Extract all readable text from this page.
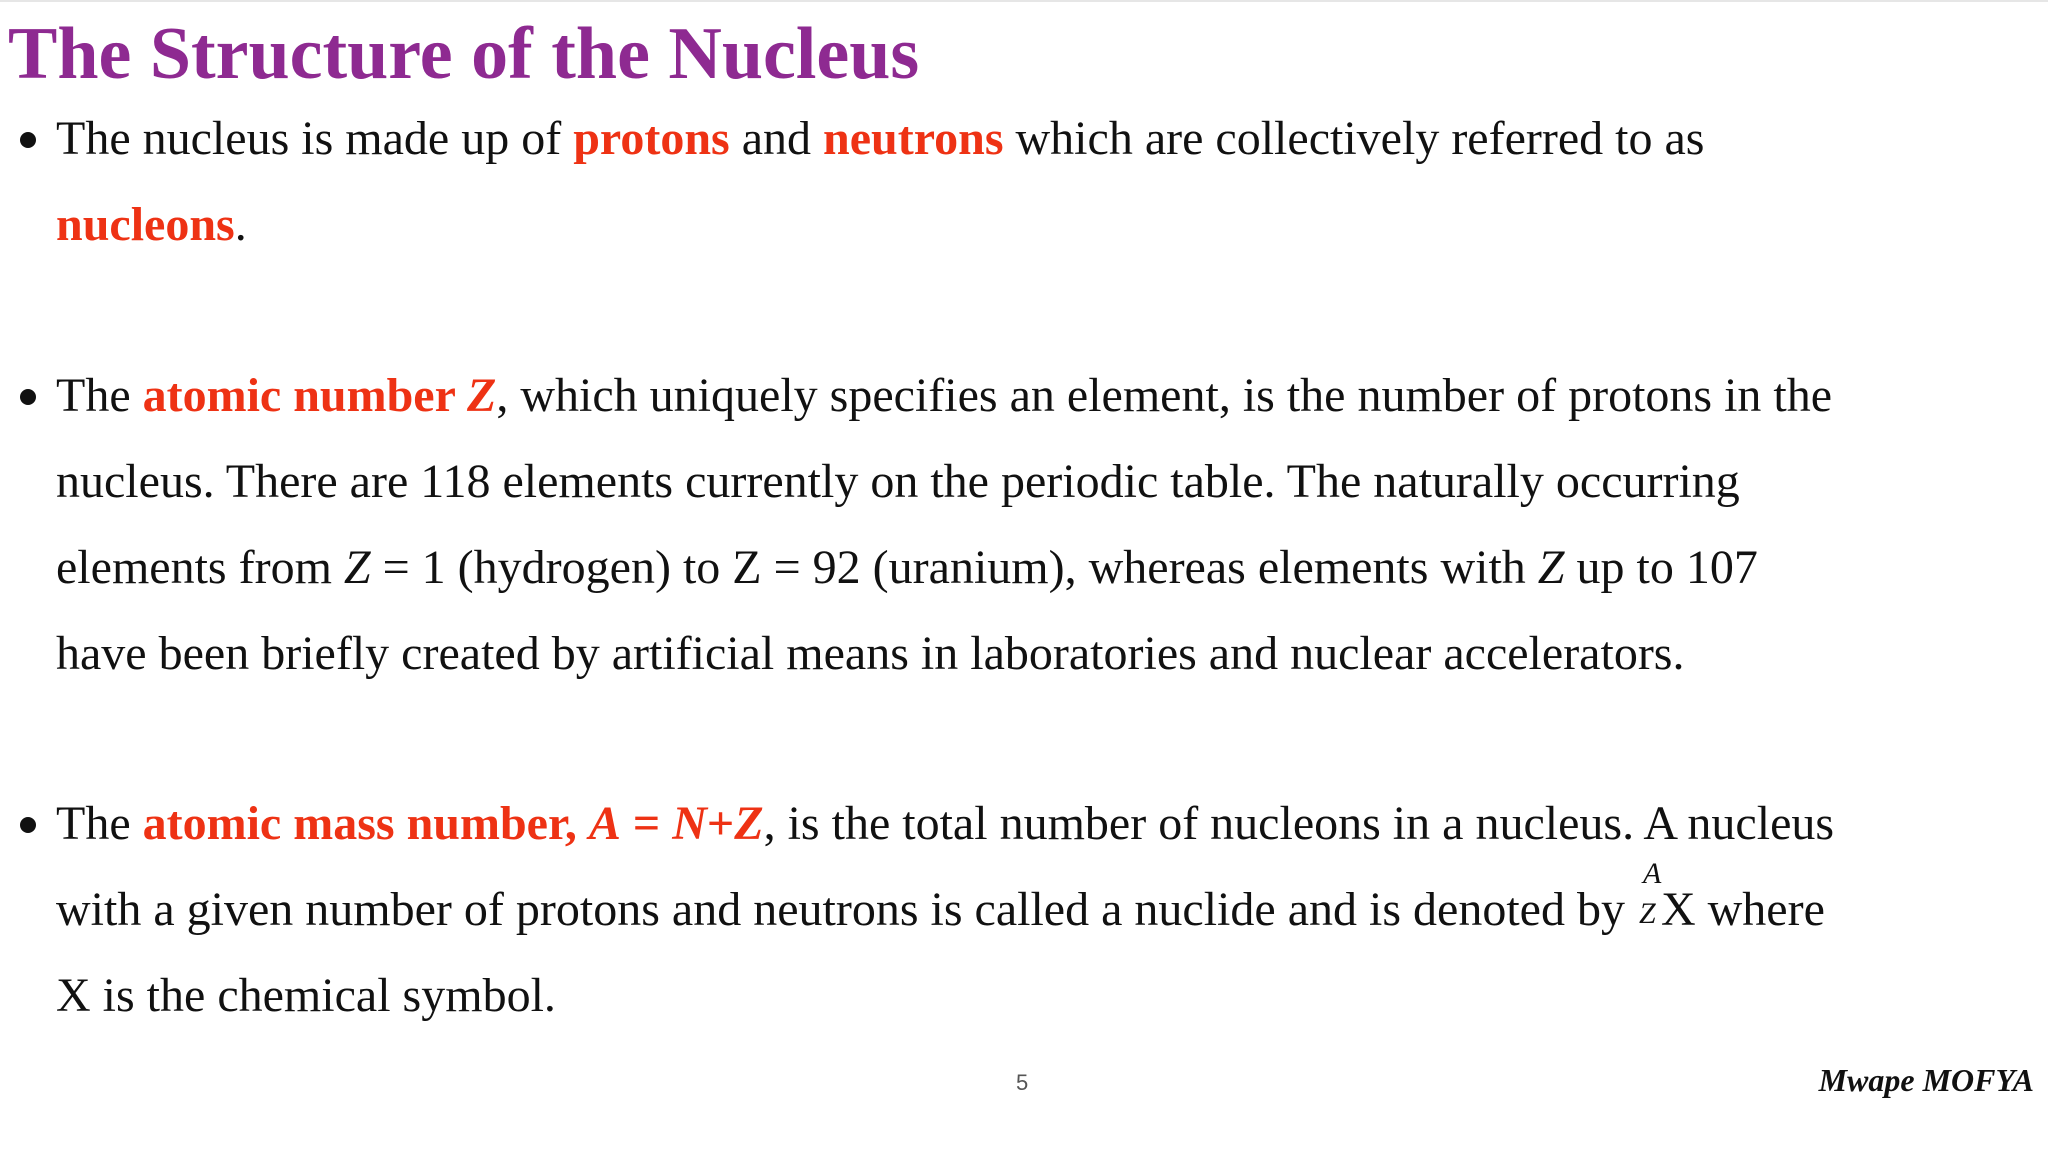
The Structure of the Nucleus
The nucleus is made up of protons and neutrons which are collectively referred to as
nucleons.
The atomic number Z, which uniquely specifies an element, is the number of protons in the
nucleus. There are 118 elements currently on the periodic table. The naturally occurring
elements from Z = 1 (hydrogen) to Z = 92 (uranium), whereas elements with Z up to 107
have been briefly created by artificial means in laboratories and nuclear accelerators.
The atomic mass number, A = N+Z, is the total number of nucleons in a nucleus. A nucleus
with a given number of protons and neutrons is called a nuclide and is denoted by
A
Z X where
X is the chemical symbol.
5	Mwape MOFYA
